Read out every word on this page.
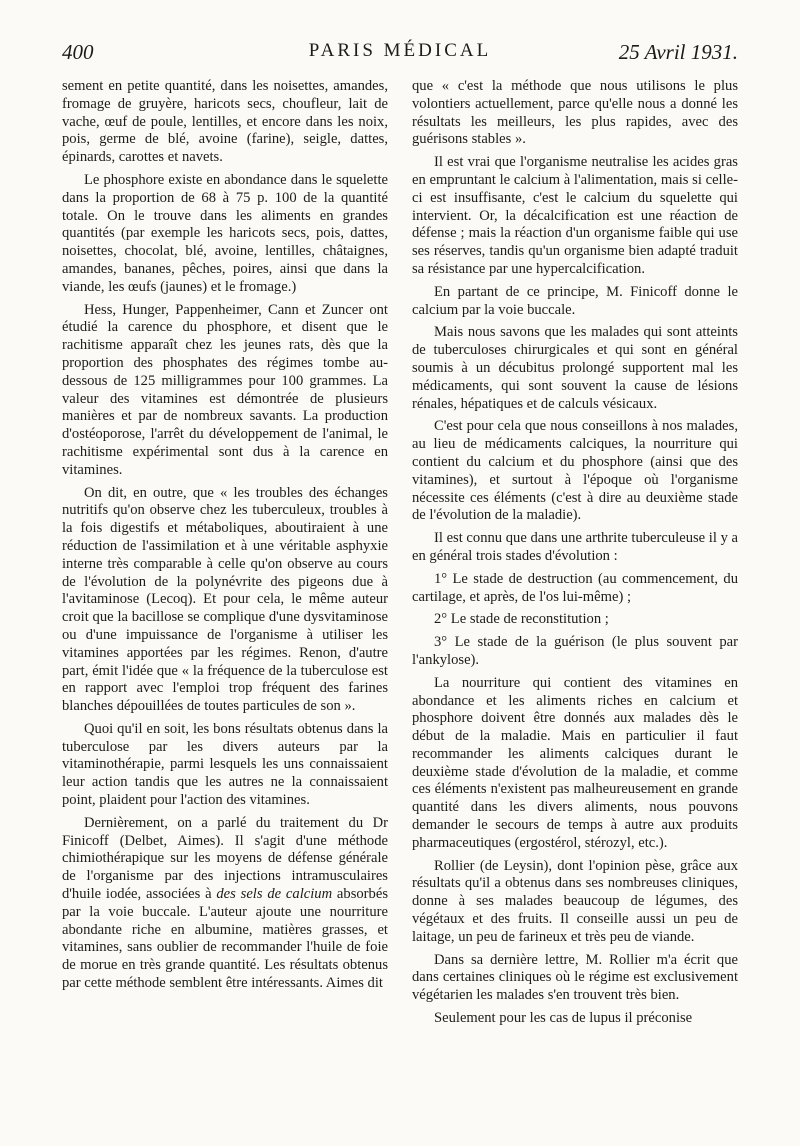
PARIS MÉDICAL
400	25 Avril 1931.

sement en petite quantité, dans les noisettes, amandes, fromage de gruyère, haricots secs, choufleur, lait de vache, œuf de poule, lentilles, et encore dans les noix, pois, germe de blé, avoine (farine), seigle, dattes, épinards, carottes et navets.

Le phosphore existe en abondance dans le squelette dans la proportion de 68 à 75 p. 100 de la quantité totale. On le trouve dans les aliments en grandes quantités (par exemple les haricots secs, pois, dattes, noisettes, chocolat, blé, avoine, lentilles, châtaignes, amandes, bananes, pêches, poires, ainsi que dans la viande, les œufs (jaunes) et le fromage.)

Hess, Hunger, Pappenheimer, Cann et Zuncer ont étudié la carence du phosphore, et disent que le rachitisme apparaît chez les jeunes rats, dès que la proportion des phosphates des régimes tombe au-dessous de 125 milligrammes pour 100 grammes. La valeur des vitamines est démontrée de plusieurs manières et par de nombreux savants. La production d'ostéoporose, l'arrêt du développement de l'animal, le rachitisme expérimental sont dus à la carence en vitamines.

On dit, en outre, que « les troubles des échanges nutritifs qu'on observe chez les tuberculeux, troubles à la fois digestifs et métaboliques, aboutiraient à une réduction de l'assimilation et à une véritable asphyxie interne très comparable à celle qu'on observe au cours de l'évolution de la polynévrite des pigeons due à l'avitaminose (Lecoq). Et pour cela, le même auteur croit que la bacillose se complique d'une dysvitaminose ou d'une impuissance de l'organisme à utiliser les vitamines apportées par les régimes. Renon, d'autre part, émit l'idée que « la fréquence de la tuberculose est en rapport avec l'emploi trop fréquent des farines blanches dépouillées de toutes particules de son ».

Quoi qu'il en soit, les bons résultats obtenus dans la tuberculose par les divers auteurs par la vitaminothérapie, parmi lesquels les uns connaissaient leur action tandis que les autres ne la connaissaient point, plaident pour l'action des vitamines.

Dernièrement, on a parlé du traitement du Dr Finicoff (Delbet, Aimes). Il s'agit d'une méthode chimiothérapique sur les moyens de défense générale de l'organisme par des injections intramusculaires d'huile iodée, associées à des sels de calcium absorbés par la voie buccale. L'auteur ajoute une nourriture abondante riche en albumine, matières grasses, et vitamines, sans oublier de recommander l'huile de foie de morue en très grande quantité. Les résultats obtenus par cette méthode semblent être intéressants. Aimes dit

que « c'est la méthode que nous utilisons le plus volontiers actuellement, parce qu'elle nous a donné les résultats les meilleurs, les plus rapides, avec des guérisons stables ».

Il est vrai que l'organisme neutralise les acides gras en empruntant le calcium à l'alimentation, mais si celle-ci est insuffisante, c'est le calcium du squelette qui intervient. Or, la décalcification est une réaction de défense ; mais la réaction d'un organisme faible qui use ses réserves, tandis qu'un organisme bien adapté traduit sa résistance par une hypercalcification.

En partant de ce principe, M. Finicoff donne le calcium par la voie buccale.

Mais nous savons que les malades qui sont atteints de tuberculoses chirurgicales et qui sont en général soumis à un décubitus prolongé supportent mal les médicaments, qui sont souvent la cause de lésions rénales, hépatiques et de calculs vésicaux.

C'est pour cela que nous conseillons à nos malades, au lieu de médicaments calciques, la nourriture qui contient du calcium et du phosphore (ainsi que des vitamines), et surtout à l'époque où l'organisme nécessite ces éléments (c'est à dire au deuxième stade de l'évolution de la maladie).

Il est connu que dans une arthrite tuberculeuse il y a en général trois stades d'évolution :

1° Le stade de destruction (au commencement, du cartilage, et après, de l'os lui-même) ;

2° Le stade de reconstitution ;

3° Le stade de la guérison (le plus souvent par l'ankylose).

La nourriture qui contient des vitamines en abondance et les aliments riches en calcium et phosphore doivent être donnés aux malades dès le début de la maladie. Mais en particulier il faut recommander les aliments calciques durant le deuxième stade d'évolution de la maladie, et comme ces éléments n'existent pas malheureusement en grande quantité dans les divers aliments, nous pouvons demander le secours de temps à autre aux produits pharmaceutiques (ergostérol, stérozyl, etc.).

Rollier (de Leysin), dont l'opinion pèse, grâce aux résultats qu'il a obtenus dans ses nombreuses cliniques, donne à ses malades beaucoup de légumes, des végétaux et des fruits. Il conseille aussi un peu de laitage, un peu de farineux et très peu de viande.

Dans sa dernière lettre, M. Rollier m'a écrit que dans certaines cliniques où le régime est exclusivement végétarien les malades s'en trouvent très bien.

Seulement pour les cas de lupus il préconise
